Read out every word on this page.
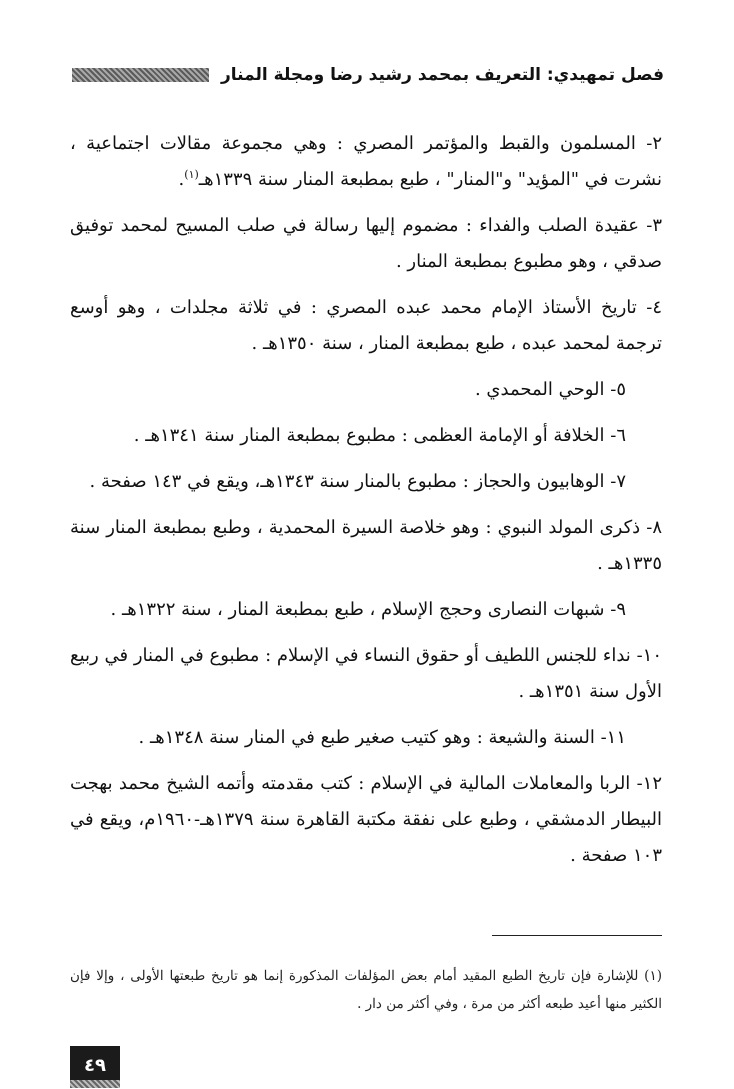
فصل تمهيدي: التعريف بمحمد رشيد رضا ومجلة المنار

٢- المسلمون والقبط والمؤتمر المصري : وهي مجموعة مقالات اجتماعية ، نشرت في "المؤيد" و"المنار" ، طبع بمطبعة المنار سنة ١٣٣٩هـ$^{(١)}$.

٣- عقيدة الصلب والفداء : مضموم إليها رسالة في صلب المسيح لمحمد توفيق صدقي ، وهو مطبوع بمطبعة المنار .

٤- تاريخ الأستاذ الإمام محمد عبده المصري : في ثلاثة مجلدات ، وهو أوسع ترجمة لمحمد عبده ، طبع بمطبعة المنار ، سنة ١٣٥٠هـ .

٥- الوحي المحمدي .

٦- الخلافة أو الإمامة العظمى : مطبوع بمطبعة المنار سنة ١٣٤١هـ .

٧- الوهابيون والحجاز : مطبوع بالمنار سنة ١٣٤٣هـ، ويقع في ١٤٣ صفحة .

٨- ذكرى المولد النبوي : وهو خلاصة السيرة المحمدية ، وطبع بمطبعة المنار سنة ١٣٣٥هـ .

٩- شبهات النصارى وحجج الإسلام ، طبع بمطبعة المنار ، سنة ١٣٢٢هـ .

١٠- نداء للجنس اللطيف أو حقوق النساء في الإسلام : مطبوع في المنار في ربيع الأول سنة ١٣٥١هـ .

١١- السنة والشيعة : وهو كتيب صغير طبع في المنار سنة ١٣٤٨هـ .

١٢- الربا والمعاملات المالية في الإسلام : كتب مقدمته وأتمه الشيخ محمد بهجت البيطار الدمشقي ، وطبع على نفقة مكتبة القاهرة سنة ١٣٧٩هـ-١٩٦٠م، ويقع في ١٠٣ صفحة .

(١) للإشارة فإن تاريخ الطبع المقيد أمام بعض المؤلفات المذكورة إنما هو تاريخ طبعتها الأولى ، وإلا فإن الكثير منها أعيد طبعه أكثر من مرة ، وفي أكثر من دار .

٤٩
